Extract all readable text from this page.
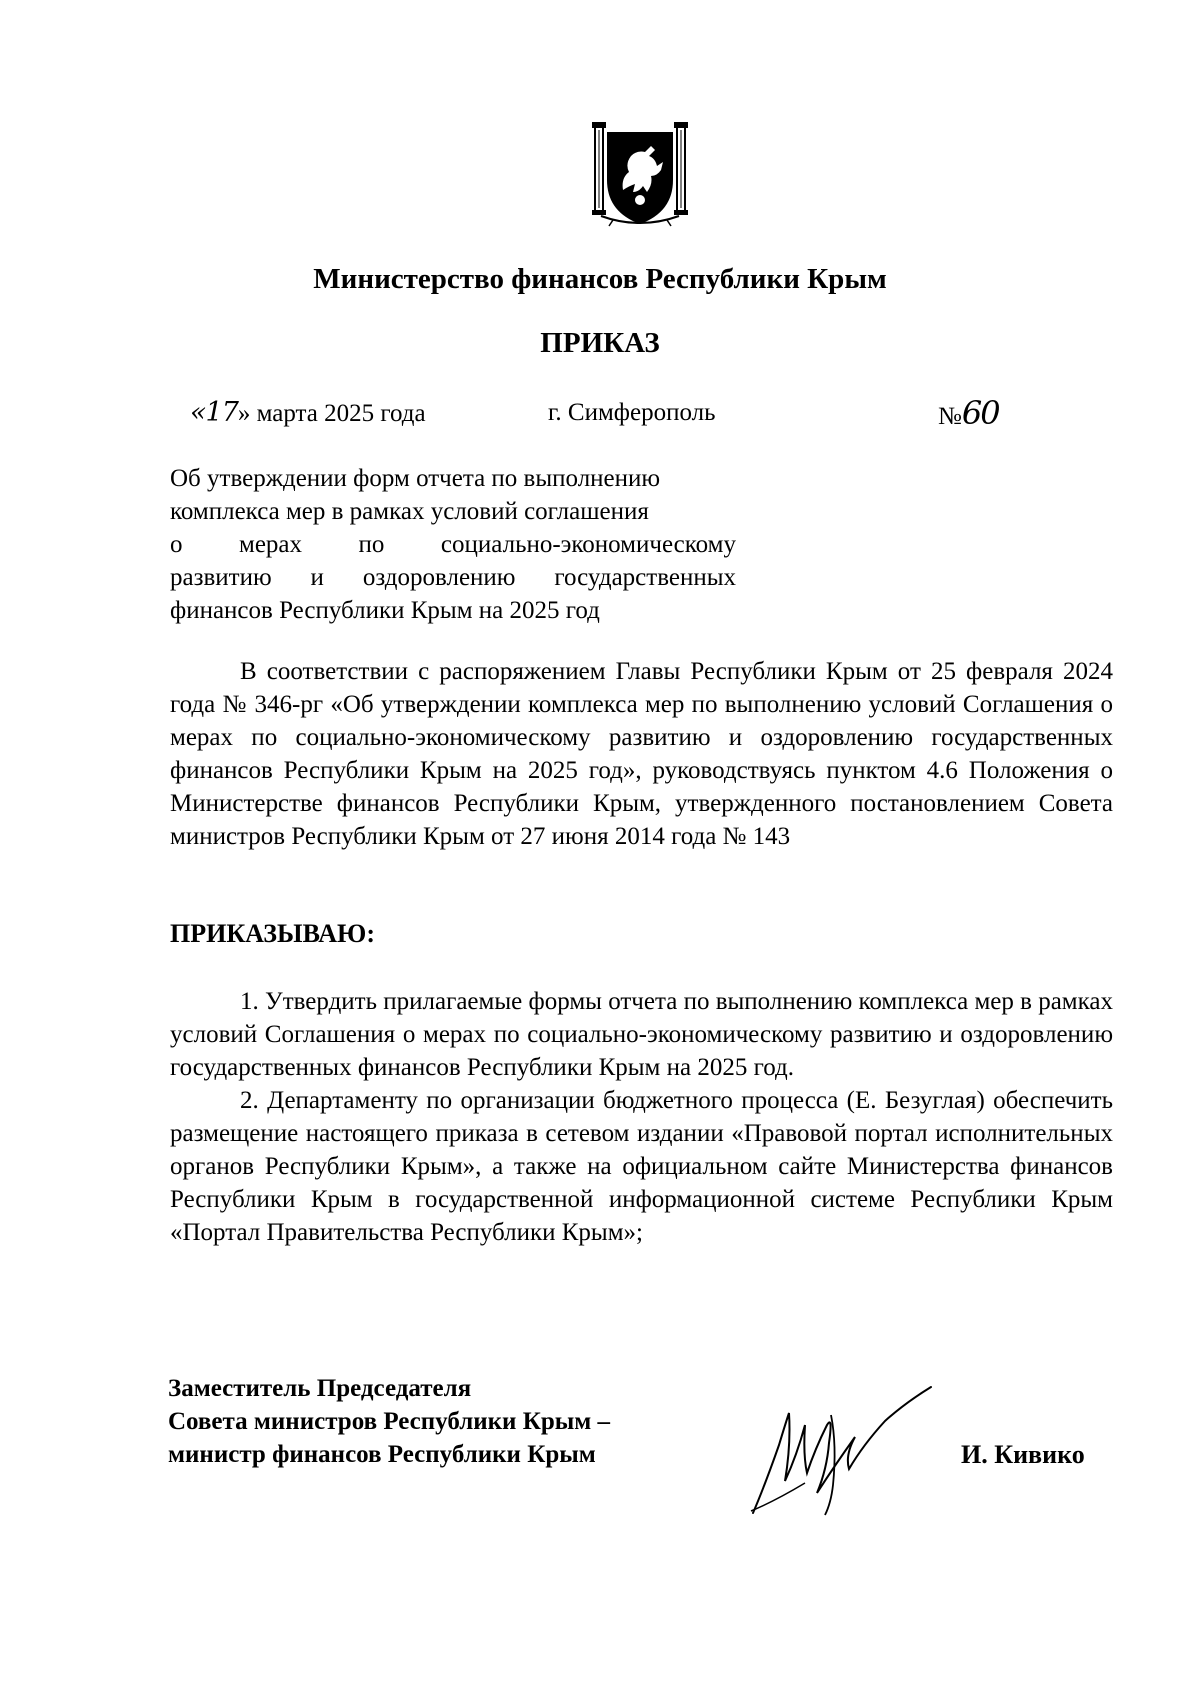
Министерство финансов Республики Крым
ПРИКАЗ
«17» марта 2025 года	г. Симферополь	№60
Об утверждении форм отчета по выполнению
комплекса мер в рамках условий соглашения
о мерах по социально-экономическому
развитию и оздоровлению государственных
финансов Республики Крым на 2025 год
В соответствии с распоряжением Главы Республики Крым от 25 февраля 2024 года № 346-рг «Об утверждении комплекса мер по выполнению условий Соглашения о мерах по социально-экономическому развитию и оздоровлению государственных финансов Республики Крым на 2025 год», руководствуясь пунктом 4.6 Положения о Министерстве финансов Республики Крым, утвержденного постановлением Совета министров Республики Крым от 27 июня 2014 года № 143
ПРИКАЗЫВАЮ:

1. Утвердить прилагаемые формы отчета по выполнению комплекса мер в рамках условий Соглашения о мерах по социально-экономическому развитию и оздоровлению государственных финансов Республики Крым на 2025 год.

2. Департаменту по организации бюджетного процесса (Е. Безуглая) обеспечить размещение настоящего приказа в сетевом издании «Правовой портал исполнительных органов Республики Крым», а также на официальном сайте Министерства финансов Республики Крым в государственной информационной системе Республики Крым «Портал Правительства Республики Крым»;

Заместитель Председателя
Совета министров Республики Крым –
министр финансов Республики Крым	И. Кивико
